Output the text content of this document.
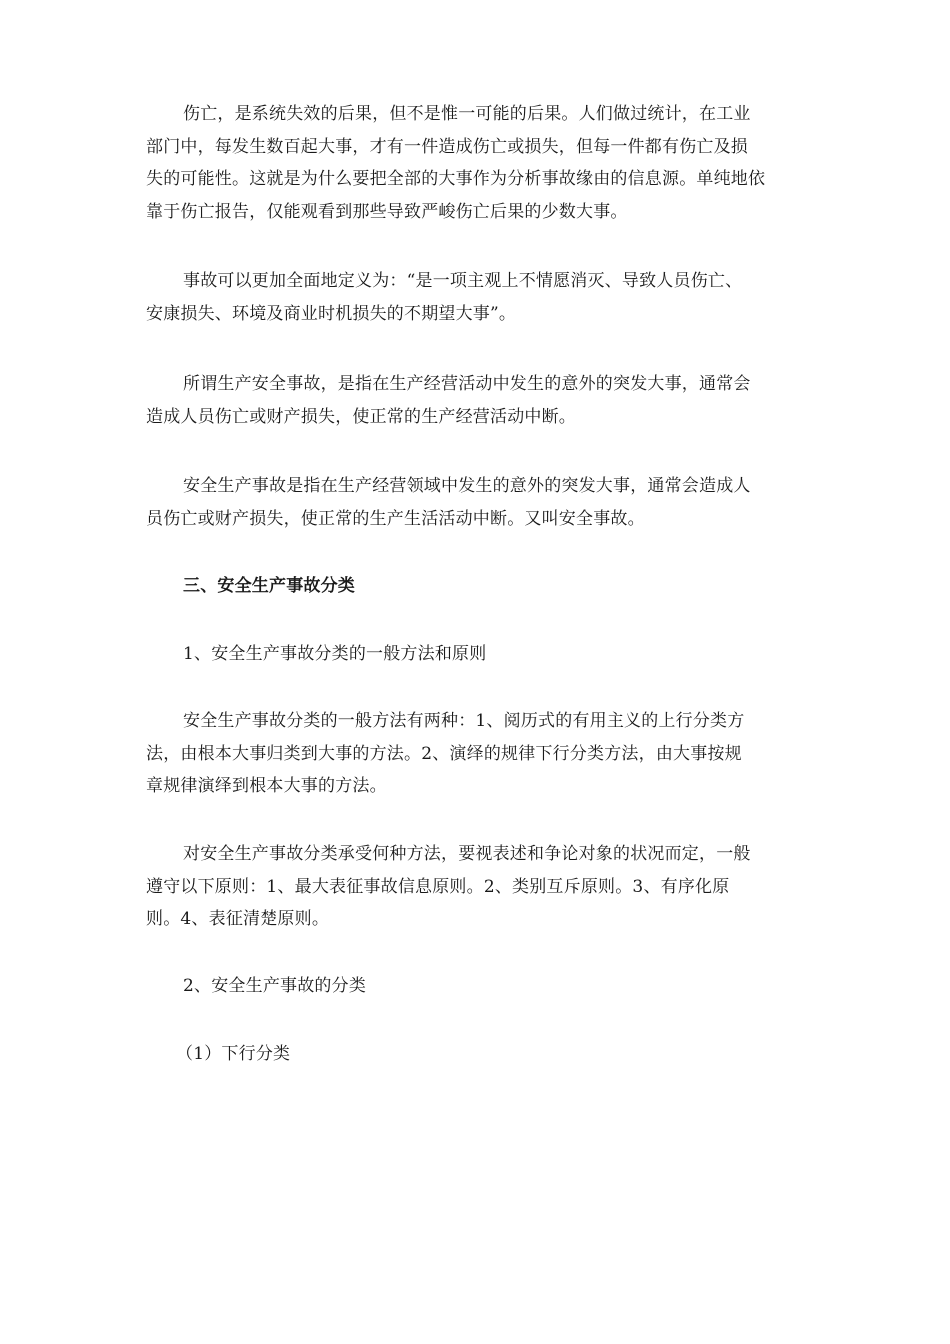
伤亡，是系统失效的后果，但不是惟一可能的后果。人们做过统计，在工业
部门中，每发生数百起大事，才有一件造成伤亡或损失，但每一件都有伤亡及损
失的可能性。这就是为什么要把全部的大事作为分析事故缘由的信息源。单纯地依
靠于伤亡报告，仅能观看到那些导致严峻伤亡后果的少数大事。
事故可以更加全面地定义为：“是一项主观上不情愿消灭、导致人员伤亡、
安康损失、环境及商业时机损失的不期望大事”。
所谓生产安全事故，是指在生产经营活动中发生的意外的突发大事，通常会
造成人员伤亡或财产损失，使正常的生产经营活动中断。
安全生产事故是指在生产经营领域中发生的意外的突发大事，通常会造成人
员伤亡或财产损失，使正常的生产生活活动中断。又叫安全事故。
三、安全生产事故分类
1、安全生产事故分类的一般方法和原则
安全生产事故分类的一般方法有两种：1、阅历式的有用主义的上行分类方
法，由根本大事归类到大事的方法。2、演绎的规律下行分类方法，由大事按规
章规律演绎到根本大事的方法。
对安全生产事故分类承受何种方法，要视表述和争论对象的状况而定，一般
遵守以下原则：1、最大表征事故信息原则。2、类别互斥原则。3、有序化原
则。4、表征清楚原则。
2、安全生产事故的分类
（1）下行分类
